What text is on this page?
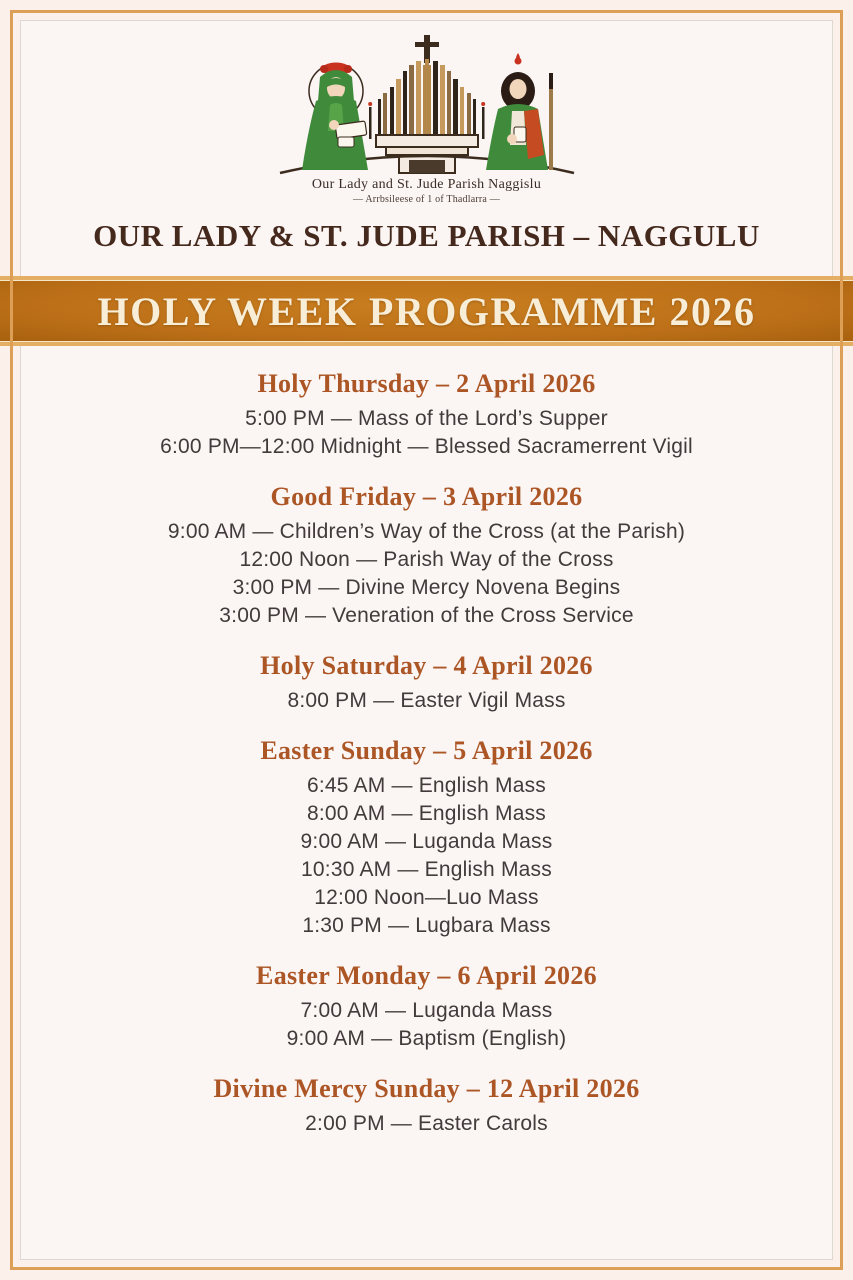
Our Lady and St. Jude Parish Naggislu
— Arrbsileese of 1 of Thadlarra —
OUR LADY & ST. JUDE PARISH – NAGGULU
HOLY WEEK PROGRAMME 2026
Holy Thursday – 2 April 2026

5:00 PM — Mass of the Lord’s Supper

6:00 PM—12:00 Midnight — Blessed Sacramerrent Vigil

Good Friday – 3 April 2026

9:00 AM — Children’s Way of the Cross (at the Parish)

12:00 Noon — Parish Way of the Cross

3:00 PM — Divine Mercy Novena Begins

3:00 PM — Veneration of the Cross Service

Holy Saturday – 4 April 2026

8:00 PM — Easter Vigil Mass

Easter Sunday – 5 April 2026

6:45 AM — English Mass

8:00 AM — English Mass

9:00 AM — Luganda Mass

10:30 AM — English Mass

12:00 Noon—Luo Mass

1:30 PM — Lugbara Mass

Easter Monday – 6 April 2026

7:00 AM — Luganda Mass

9:00 AM — Baptism (English)

Divine Mercy Sunday – 12 April 2026

2:00 PM — Easter Carols
